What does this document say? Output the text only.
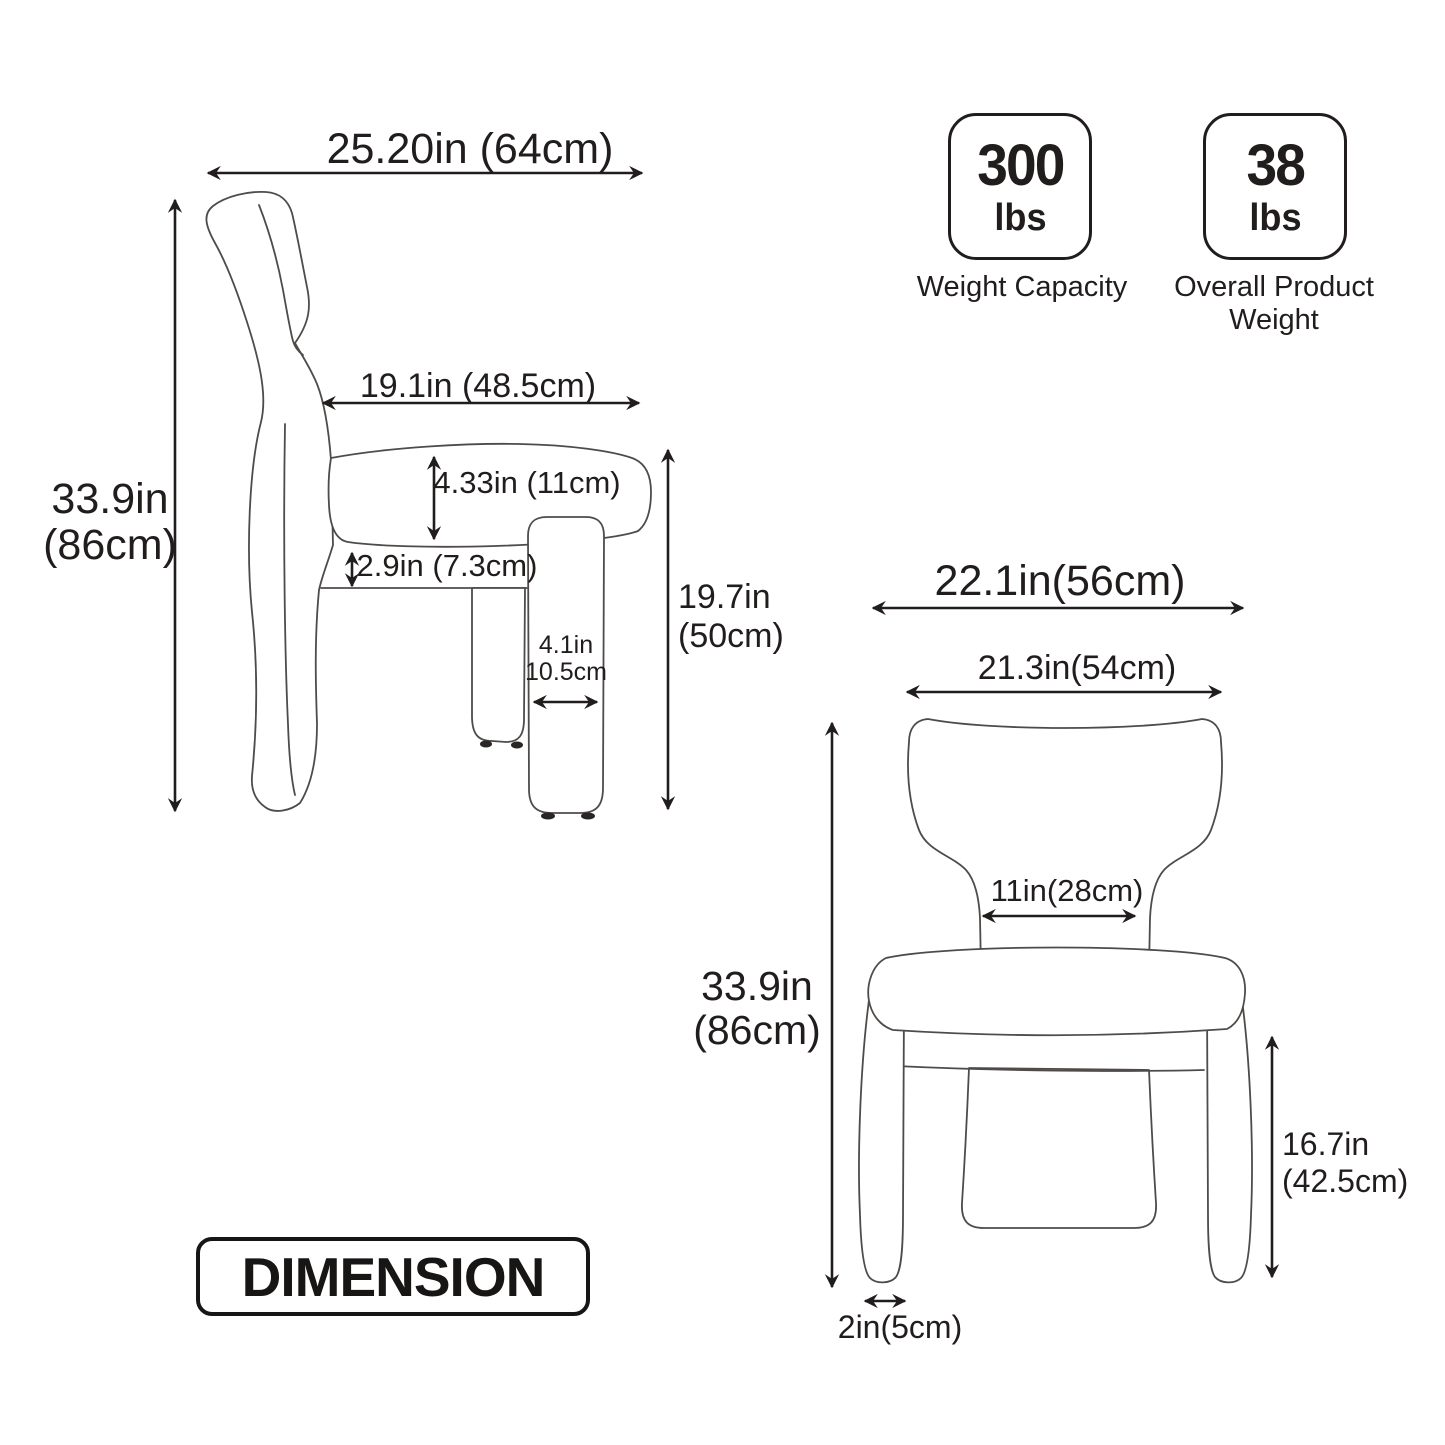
25.20in (64cm)
33.9in
(86cm)
19.1in (48.5cm)
4.33in (11cm)
2.9in (7.3cm)
4.1in
10.5cm
19.7in
(50cm)
300
lbs
Weight Capacity
38
lbs
Overall Product
Weight
22.1in(56cm)
21.3in(54cm)
11in(28cm)
33.9in
(86cm)
16.7in
(42.5cm)
2in(5cm)
DIMENSION
